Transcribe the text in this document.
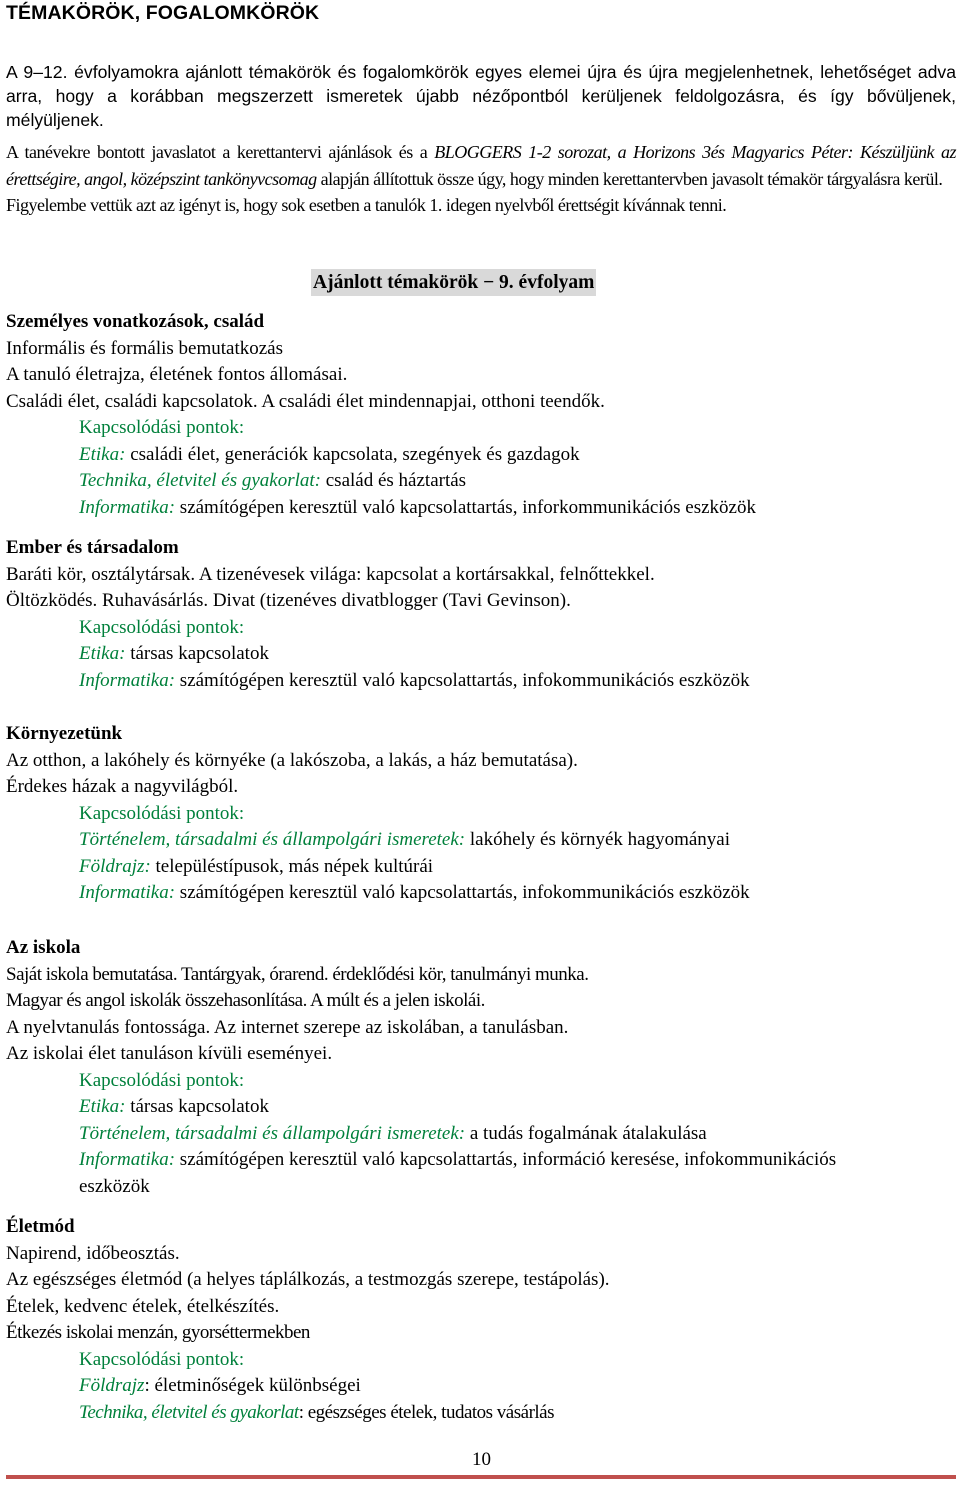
TÉMAKÖRÖK, FOGALOMKÖRÖK

A 9–12. évfolyamokra ajánlott témakörök és fogalomkörök egyes elemei újra és újra megjelenhetnek, lehetőséget adva arra, hogy a korábban megszerzett ismeretek újabb nézőpontból kerüljenek feldolgozásra, és így bővüljenek, mélyüljenek.

A tanévekre bontott javaslatot a kerettantervi ajánlások és a BLOGGERS 1-2 sorozat, a Horizons 3és Magyarics Péter: Készüljünk az érettségire, angol, középszint tankönyvcsomag alapján állítottuk össze úgy, hogy minden kerettantervben javasolt témakör tárgyalásra kerül.

Figyelembe vettük azt az igényt is, hogy sok esetben a tanulók 1. idegen nyelvből érettségit kívánnak tenni.

Ajánlott témakörök − 9. évfolyam
Személyes vonatkozások, család
Informális és formális bemutatkozás
A tanuló életrajza, életének fontos állomásai.
Családi élet, családi kapcsolatok. A családi élet mindennapjai, otthoni teendők.
Kapcsolódási pontok:
Etika: családi élet, generációk kapcsolata, szegények és gazdagok
Technika, életvitel és gyakorlat: család és háztartás
Informatika: számítógépen keresztül való kapcsolattartás, inforkommunikációs eszközök
Ember és társadalom
Baráti kör, osztálytársak. A tizenévesek világa: kapcsolat a kortársakkal, felnőttekkel.
Öltözködés. Ruhavásárlás. Divat (tizenéves divatblogger (Tavi Gevinson).
Kapcsolódási pontok:
Etika: társas kapcsolatok
Informatika: számítógépen keresztül való kapcsolattartás, infokommunikációs eszközök
Környezetünk
Az otthon, a lakóhely és környéke (a lakószoba, a lakás, a ház bemutatása).
Érdekes házak a nagyvilágból.
Kapcsolódási pontok:
Történelem, társadalmi és állampolgári ismeretek: lakóhely és környék hagyományai
Földrajz: településtípusok, más népek kultúrái
Informatika: számítógépen keresztül való kapcsolattartás, infokommunikációs eszközök
Az iskola
Saját iskola bemutatása. Tantárgyak, órarend. érdeklődési kör, tanulmányi munka.
Magyar és angol iskolák összehasonlítása. A múlt és a jelen iskolái.
A nyelvtanulás fontossága. Az internet szerepe az iskolában, a tanulásban.
Az iskolai élet tanuláson kívüli eseményei.
Kapcsolódási pontok:
Etika: társas kapcsolatok
Történelem, társadalmi és állampolgári ismeretek: a tudás fogalmának átalakulása
Informatika: számítógépen keresztül való kapcsolattartás, információ keresése, infokommunikációs eszközök
Életmód
Napirend, időbeosztás.
Az egészséges életmód (a helyes táplálkozás, a testmozgás szerepe, testápolás).
Ételek, kedvenc ételek, ételkészítés.
Étkezés iskolai menzán, gyorséttermekben
Kapcsolódási pontok:
Földrajz: életminőségek különbségei
Technika, életvitel és gyakorlat: egészséges ételek, tudatos vásárlás
10
